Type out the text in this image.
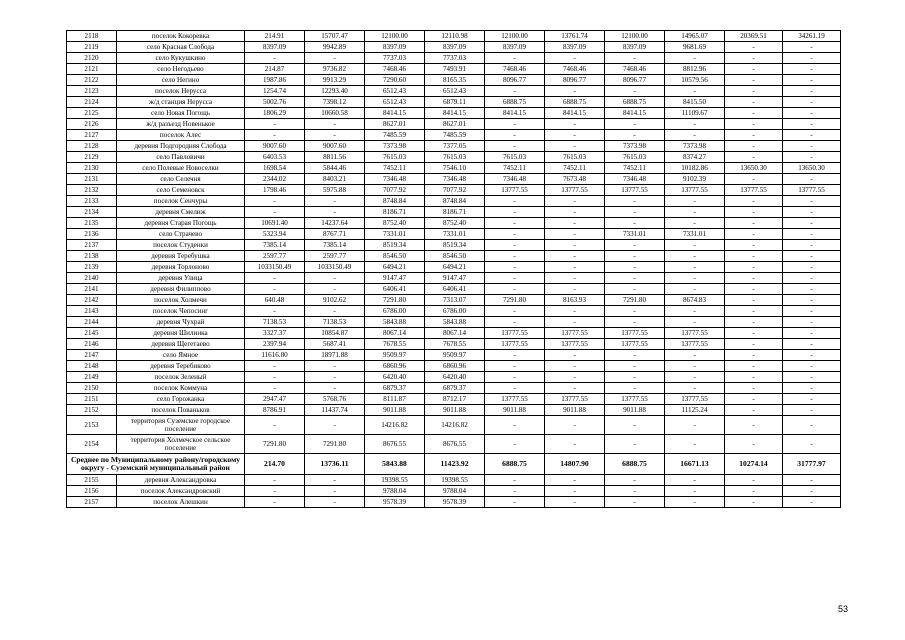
2118	поселок Кокоревка	214.91	15707.47	12100.00	12110.98	12100.00	13761.74	12100.00	14965.07	20369.51	34261.19
2119	село Красная Слобода	8397.09	9942.89	8397.09	8397.09	8397.09	8397.09	8397.09	9681.69	-	-
2120	село Кукушкино	-	-	7737.03	7737.03	-	-	-	-	-	-
2121	село Негодьево	214.87	9736.82	7468.46	7493.91	7468.46	7468.46	7468.46	8812.96	-	-
2122	село Негино	1987.86	9913.29	7290.60	8165.35	8096.77	8096.77	8096.77	10579.56	-	-
2123	поселок Нерусса	1254.74	12293.40	6512.43	6512.43	-	-	-	-	-	-
2124	ж/д станция Нерусса	5002.76	7398.12	6512.43	6879.11	6888.75	6888.75	6888.75	8415.50	-	-
2125	село Новая Погощь	1806.29	10660.58	8414.15	8414.15	8414.15	8414.15	8414.15	11109.67	-	-
2126	ж/д разъезд Новенькое	-	-	8627.01	8627.01	-	-	-	-	-	-
2127	поселок Алес	-	-	7485.59	7485.59	-	-	-	-	-	-
2128	деревня Подгородняя Слобода	9007.60	9007.60	7373.98	7377.05	-	-	7373.98	7373.98	-	-
2129	село Павловичи	6403.53	8811.56	7615.03	7615.03	7615.03	7615.03	7615.03	8374.27	-	-
2130	село Полевые Новоселки	1698.54	5844.46	7452.11	7546.10	7452.11	7452.11	7452.11	10182.86	13650.30	13650.30
2131	село Селечня	2344.02	8403.21	7346.48	7346.48	7346.48	7673.48	7346.48	9102.39	-	-
2132	село Семеновск	1798.46	5975.88	7077.92	7077.92	13777.55	13777.55	13777.55	13777.55	13777.55	13777.55
2133	поселок Сенчуры	-	-	8748.84	8748.84	-	-	-	-	-	-
2134	деревня Смелиж	-	-	8186.71	8186.71	-	-	-	-	-	-
2135	деревня Старая Погощь	10691.40	14237.64	8752.40	8752.40	-	-	-	-	-	-
2136	село Страчево	5323.94	8767.71	7331.01	7331.01	-	-	7331.01	7331.01	-	-
2137	поселок Студенки	7385.14	7385.14	8519.34	8519.34	-	-	-	-	-	-
2138	деревня Теребушка	2597.77	2597.77	8546.50	8546.50	-	-	-	-	-	-
2139	деревня Торлоново	1033150.49	1033150.49	6494.21	6494.21	-	-	-	-	-	-
2140	деревня Улица	-	-	9147.47	9147.47	-	-	-	-	-	-
2141	деревня Филипповo	-	-	6406.41	6406.41	-	-	-	-	-	-
2142	поселок Холмечи	640.48	9102.62	7291.80	7313.07	7291.80	8163.93	7291.80	8674.83	-	-
2143	поселок Чепосинг	-	-	6786.00	6786.00	-	-	-	-	-	-
2144	деревня Чухрай	7138.53	7138.53	5843.88	5843.88	-	-	-	-	-	-
2145	деревня Шилинка	3327.37	10854.87	8067.14	8067.14	13777.55	13777.55	13777.55	13777.55	-	-
2146	деревня Щегетаево	2397.94	5687.41	7678.55	7678.55	13777.55	13777.55	13777.55	13777.55	-	-
2147	село Ямное	11616.80	18971.88	9509.97	9509.97	-	-	-	-	-	-
2148	деревня Теребиково	-	-	6860.96	6860.96	-	-	-	-	-	-
2149	поселок Зеленый	-	-	6420.40	6420.40	-	-	-	-	-	-
2150	поселок Коммуна	-	-	6879.37	6879.37	-	-	-	-	-	-
2151	село Горожанка	2947.47	5768.76	8111.87	8712.17	13777.55	13777.55	13777.55	13777.55	-	-
2152	поселок Пованьков	8786.91	11437.74	9011.88	9011.88	9011.88	9011.88	9011.88	11125.24	-	-
2153	территория Суземское городское поселение	-	-	14216.82	14216.82	-	-	-	-	-	-
2154	территория Холмечское сельское поселение	7291.80	7291.80	8676.55	8676.55	-	-	-	-	-	-
Среднее по Муниципальному району/городскому округу - Суземский муниципальный район		214.70	13736.11	5843.88	11423.92	6888.75	14807.90	6888.75	16671.13	10274.14	31777.97
2155	деревня Александровка	-	-	19398.55	19398.55	-	-	-	-	-	-
2156	поселок Александровский	-	-	9788.04	9788.04	-	-	-	-	-	-
2157	поселок Алешкин	-	-	9578.39	9578.39	-	-	-	-	-	-
53
